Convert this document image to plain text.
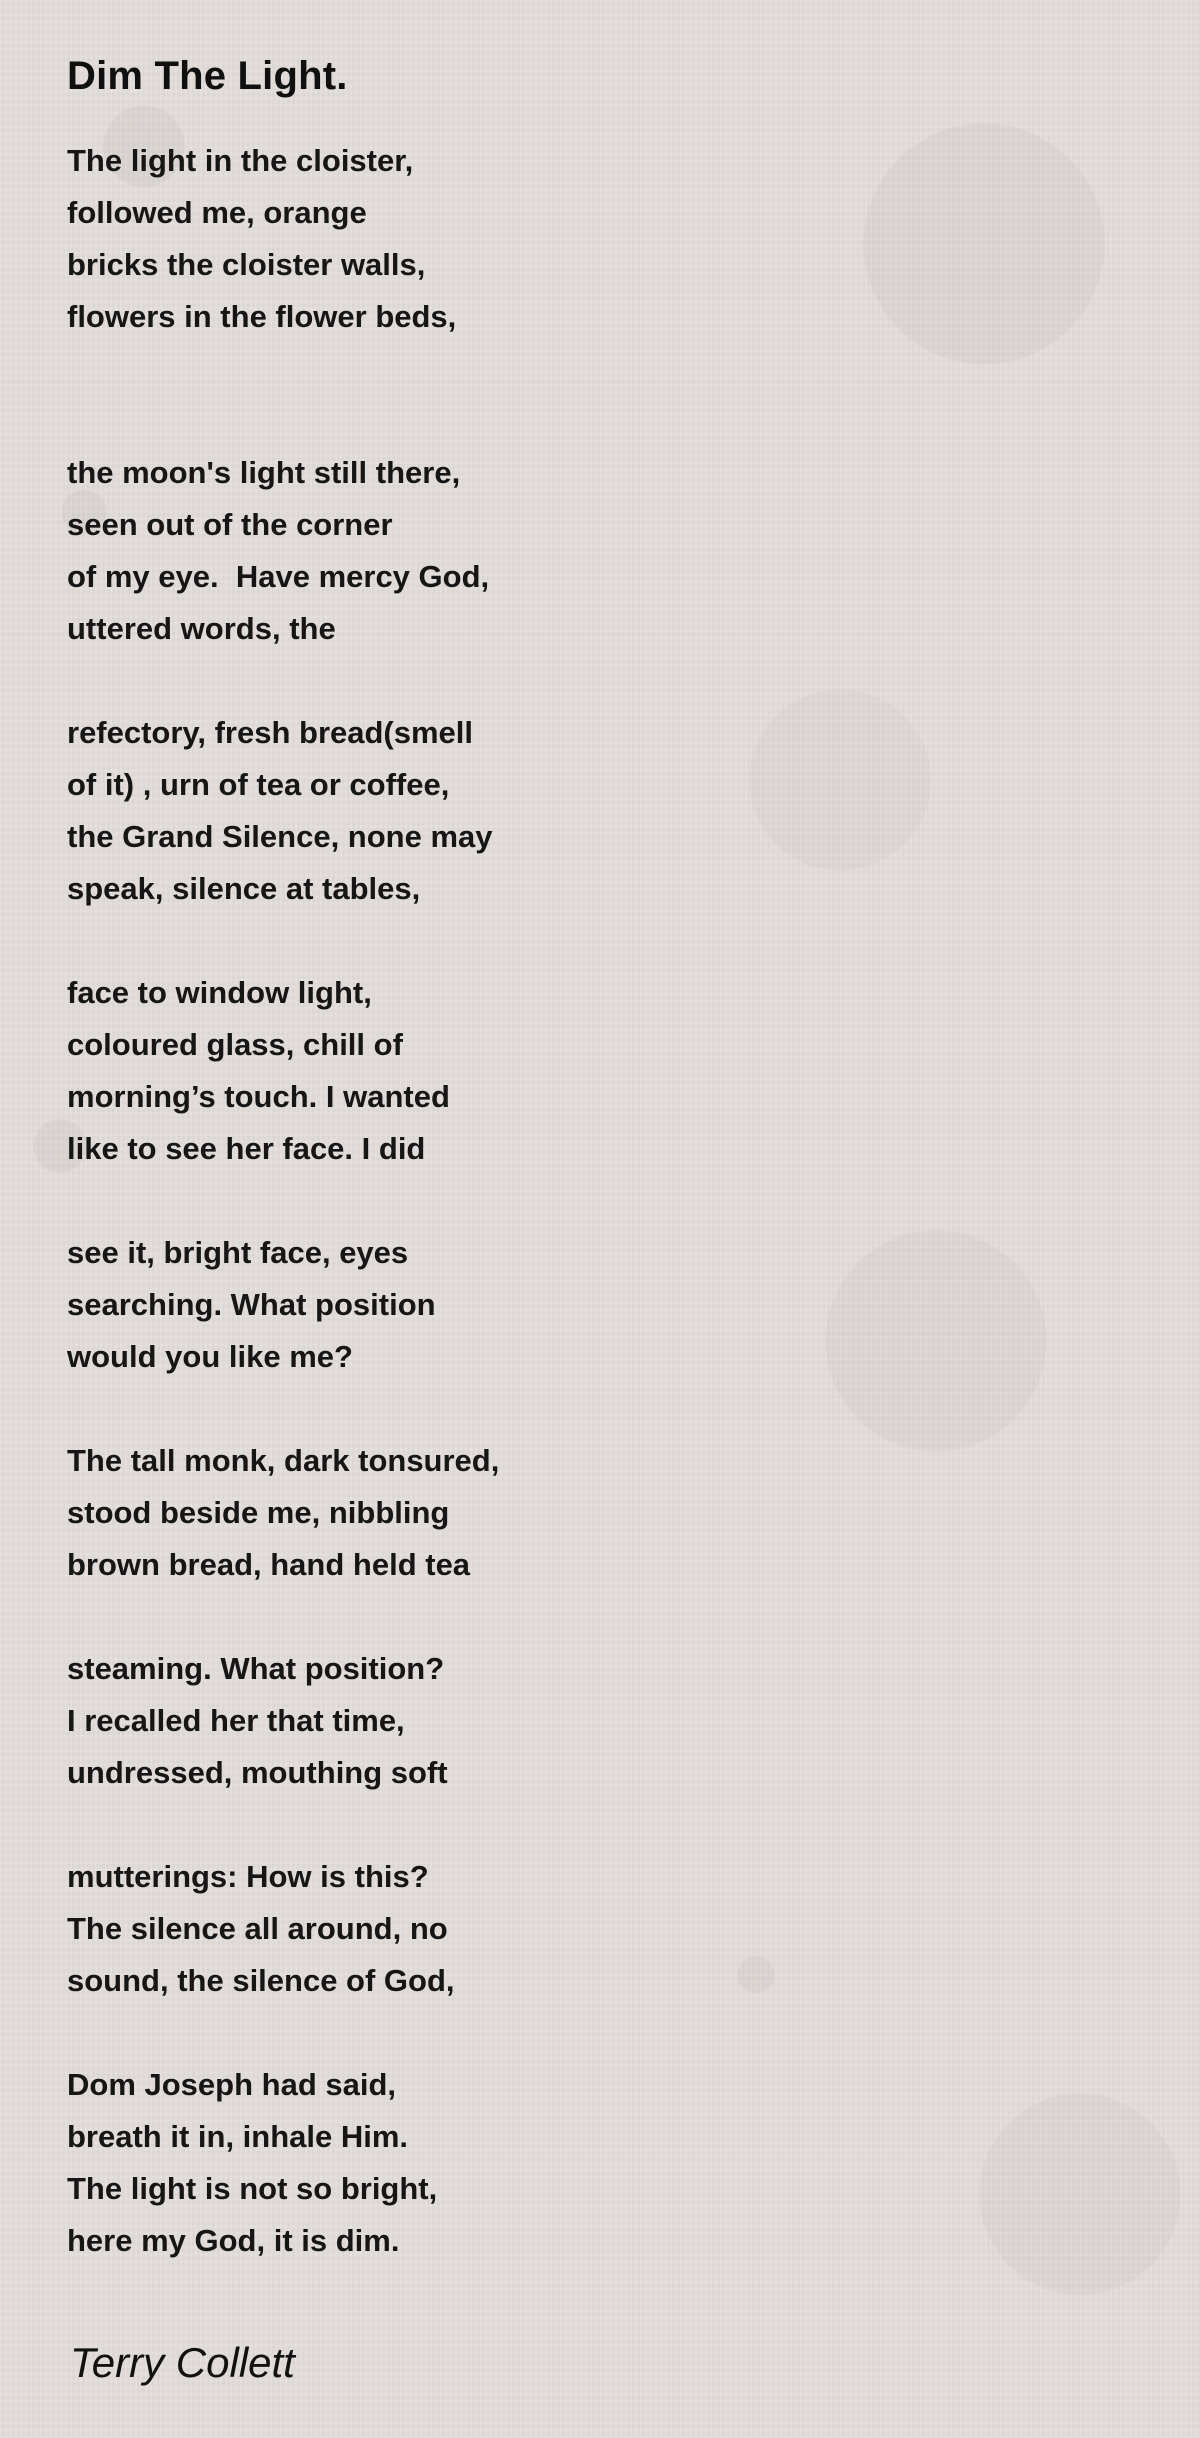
Dim The Light.

The light in the cloister,
followed me, orange
bricks the cloister walls,
flowers in the flower beds,

the moon's light still there,
seen out of the corner
of my eye.  Have mercy God,
uttered words, the

refectory, fresh bread(smell
of it) , urn of tea or coffee,
the Grand Silence, none may
speak, silence at tables,

face to window light,
coloured glass, chill of
morning’s touch. I wanted
like to see her face. I did

see it, bright face, eyes
searching. What position
would you like me?

The tall monk, dark tonsured,
stood beside me, nibbling
brown bread, hand held tea

steaming. What position?
I recalled her that time,
undressed, mouthing soft

mutterings: How is this?
The silence all around, no
sound, the silence of God,

Dom Joseph had said,
breath it in, inhale Him.
The light is not so bright,
here my God, it is dim.

Terry Collett
